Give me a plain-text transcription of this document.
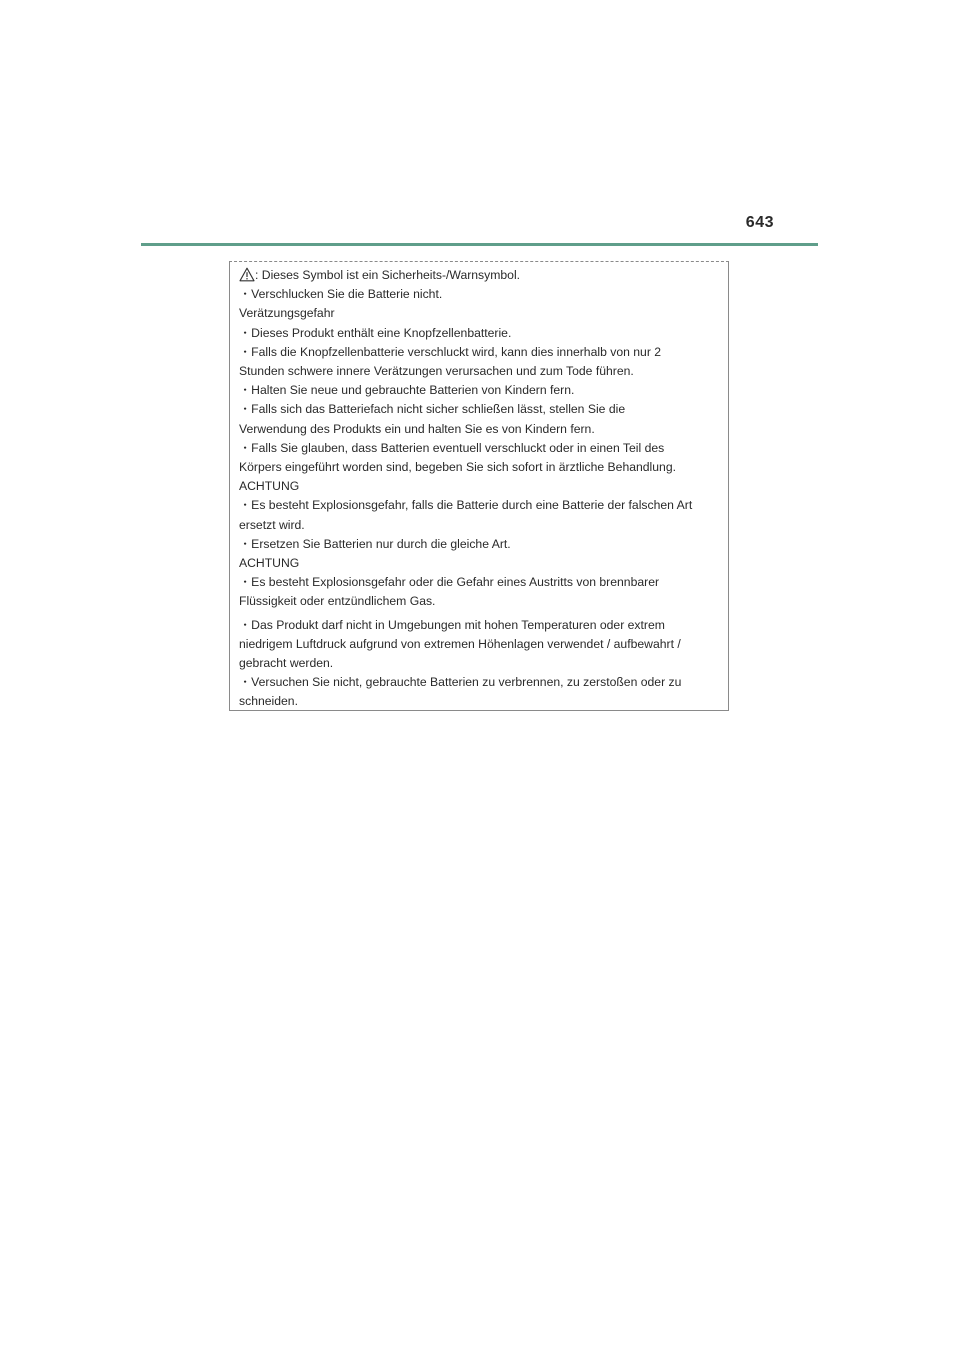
643
: Dieses Symbol ist ein Sicherheits-/Warnsymbol.
・Verschlucken Sie die Batterie nicht.
Verätzungsgefahr
・Dieses Produkt enthält eine Knopfzellenbatterie.
・Falls die Knopfzellenbatterie verschluckt wird, kann dies innerhalb von nur 2
Stunden schwere innere Verätzungen verursachen und zum Tode führen.
・Halten Sie neue und gebrauchte Batterien von Kindern fern.
・Falls sich das Batteriefach nicht sicher schließen lässt, stellen Sie die
Verwendung des Produkts ein und halten Sie es von Kindern fern.
・Falls Sie glauben, dass Batterien eventuell verschluckt oder in einen Teil des
Körpers eingeführt worden sind, begeben Sie sich sofort in ärztliche Behandlung.
ACHTUNG
・Es besteht Explosionsgefahr, falls die Batterie durch eine Batterie der falschen Art
ersetzt wird.
・Ersetzen Sie Batterien nur durch die gleiche Art.
ACHTUNG
・Es besteht Explosionsgefahr oder die Gefahr eines Austritts von brennbarer
Flüssigkeit oder entzündlichem Gas.
・Das Produkt darf nicht in Umgebungen mit hohen Temperaturen oder extrem
niedrigem Luftdruck aufgrund von extremen Höhenlagen verwendet / aufbewahrt /
gebracht werden.
・Versuchen Sie nicht, gebrauchte Batterien zu verbrennen, zu zerstoßen oder zu
schneiden.
